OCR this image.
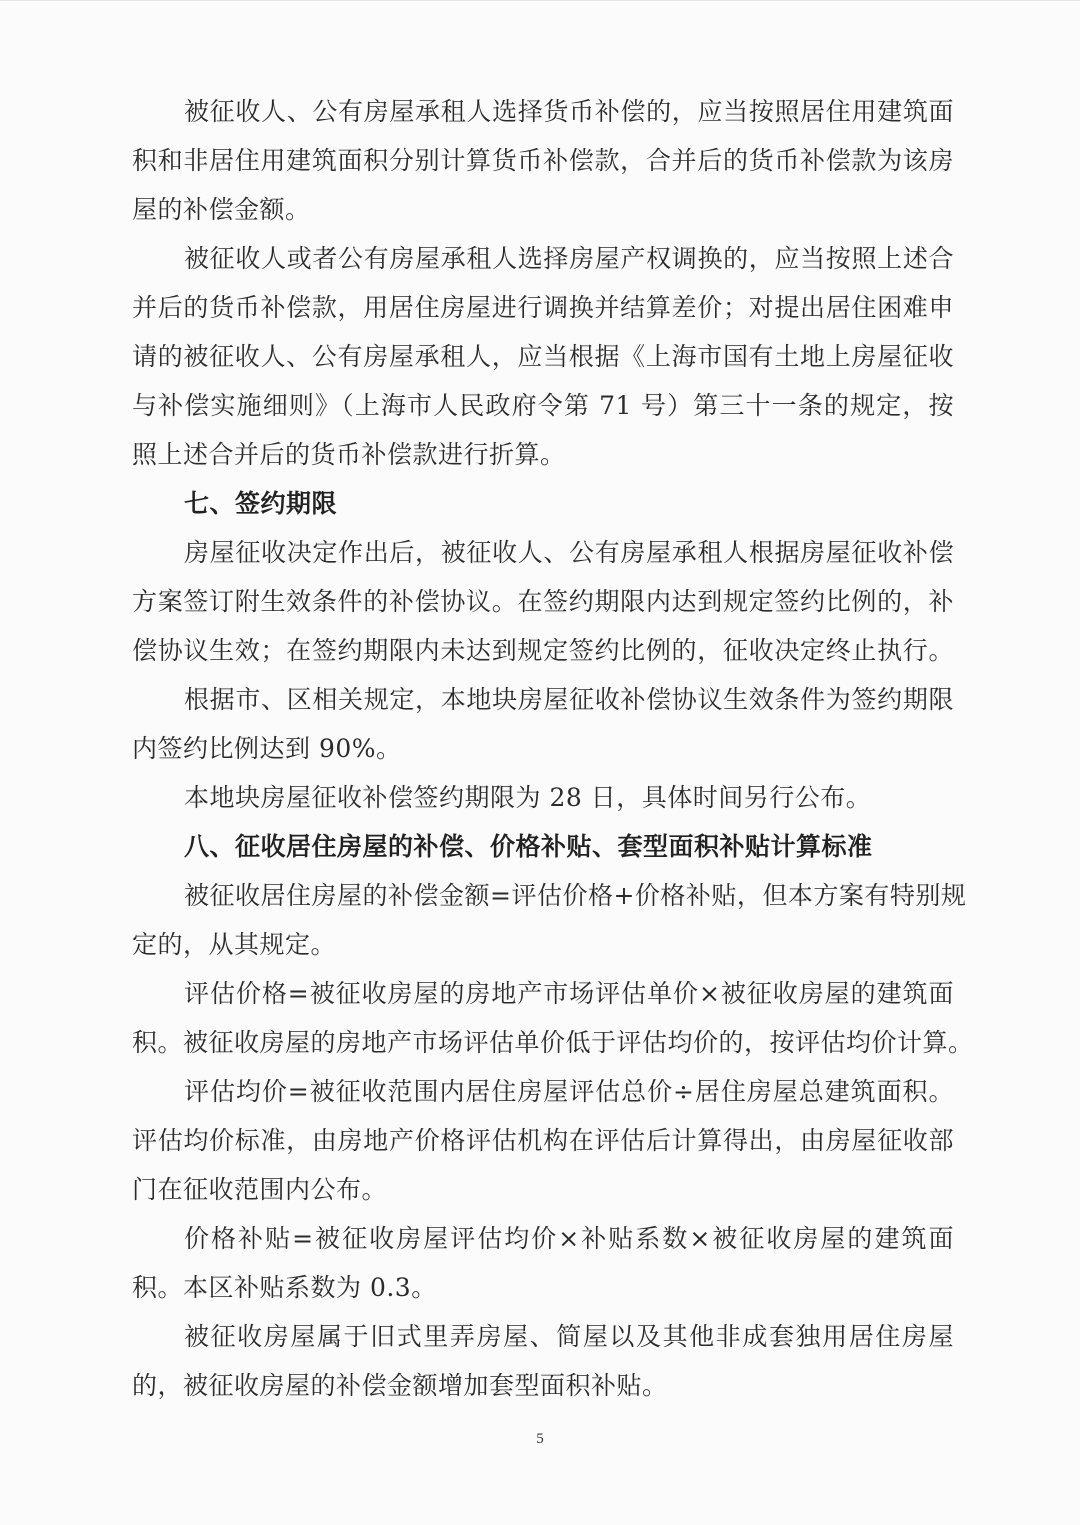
被征收人、公有房屋承租人选择货币补偿的，应当按照居住用建筑面
积和非居住用建筑面积分别计算货币补偿款，合并后的货币补偿款为该房
屋的补偿金额。
被征收人或者公有房屋承租人选择房屋产权调换的，应当按照上述合
并后的货币补偿款，用居住房屋进行调换并结算差价；对提出居住困难申
请的被征收人、公有房屋承租人，应当根据《上海市国有土地上房屋征收
与补偿实施细则》（上海市人民政府令第 71 号）第三十一条的规定，按
照上述合并后的货币补偿款进行折算。
七、签约期限
房屋征收决定作出后，被征收人、公有房屋承租人根据房屋征收补偿
方案签订附生效条件的补偿协议。在签约期限内达到规定签约比例的，补
偿协议生效；在签约期限内未达到规定签约比例的，征收决定终止执行。
根据市、区相关规定，本地块房屋征收补偿协议生效条件为签约期限
内签约比例达到 90%。
本地块房屋征收补偿签约期限为 28 日，具体时间另行公布。
八、征收居住房屋的补偿、价格补贴、套型面积补贴计算标准
被征收居住房屋的补偿金额=评估价格+价格补贴，但本方案有特别规
定的，从其规定。
评估价格=被征收房屋的房地产市场评估单价×被征收房屋的建筑面
积。被征收房屋的房地产市场评估单价低于评估均价的，按评估均价计算。
评估均价=被征收范围内居住房屋评估总价÷居住房屋总建筑面积。
评估均价标准，由房地产价格评估机构在评估后计算得出，由房屋征收部
门在征收范围内公布。
价格补贴=被征收房屋评估均价×补贴系数×被征收房屋的建筑面
积。本区补贴系数为 0.3。
被征收房屋属于旧式里弄房屋、简屋以及其他非成套独用居住房屋
的，被征收房屋的补偿金额增加套型面积补贴。
5
